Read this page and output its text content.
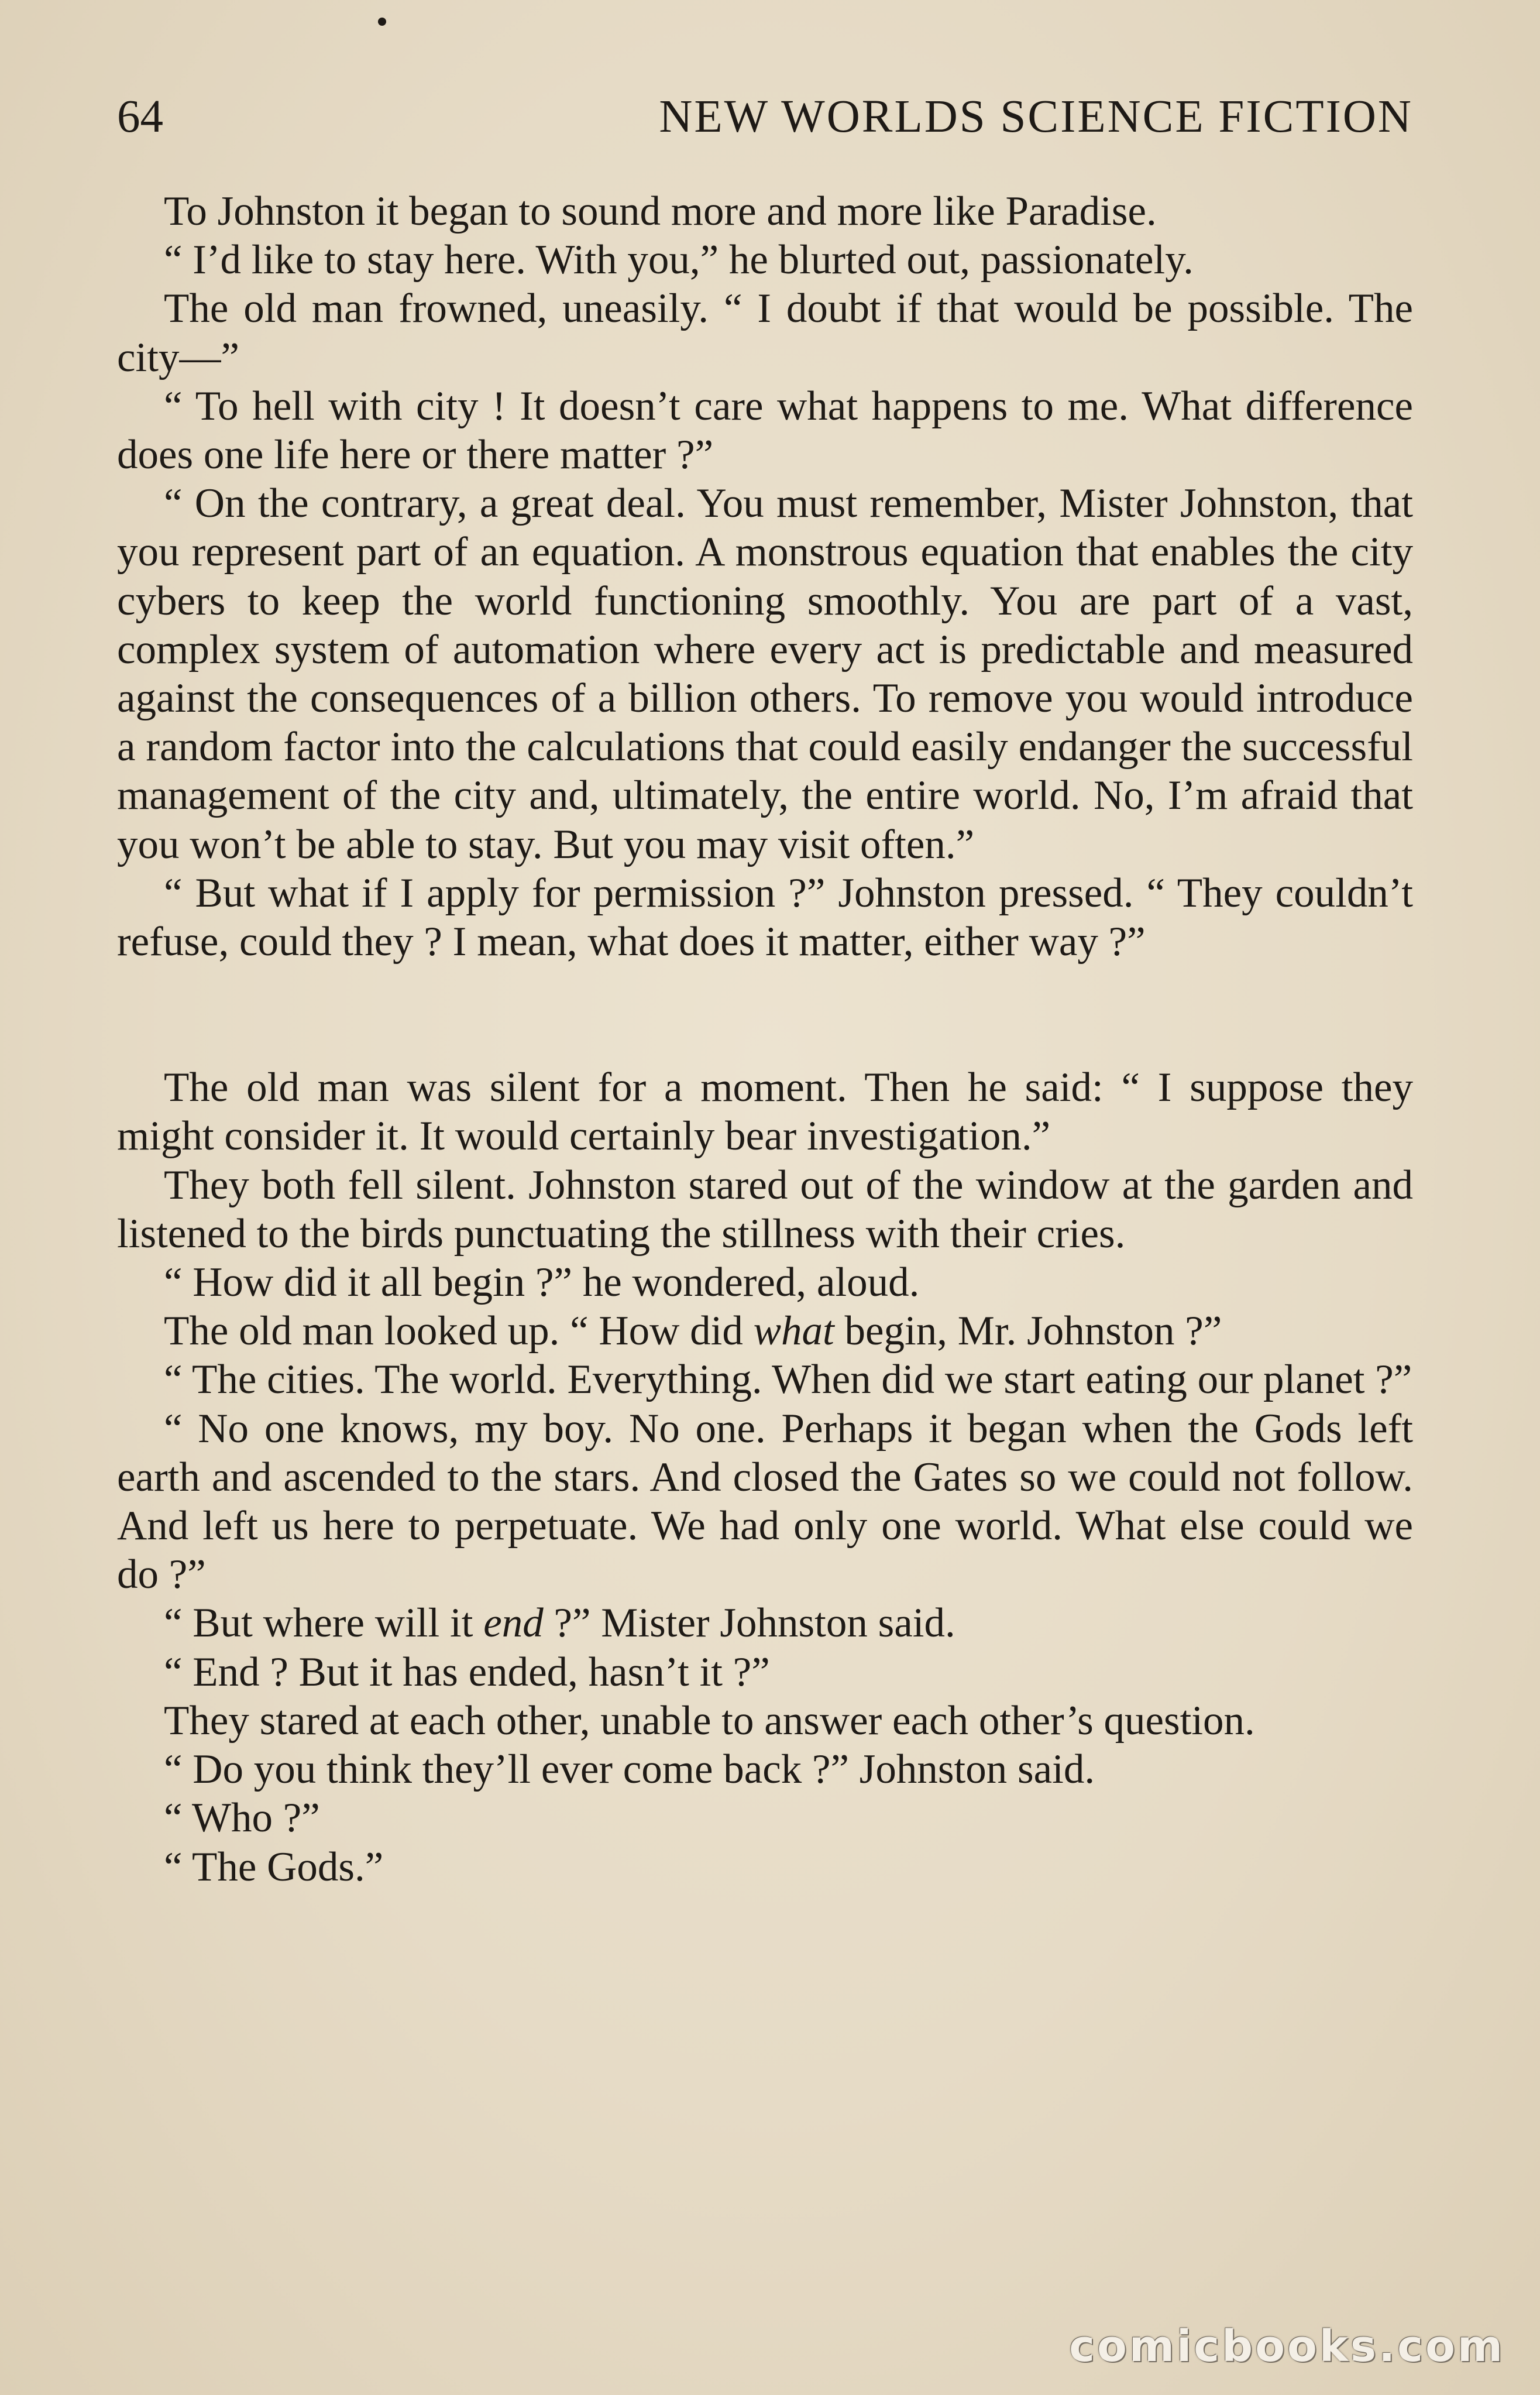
64	NEW WORLDS SCIENCE FICTION

To Johnston it began to sound more and more like Paradise.

“ I’d like to stay here. With you,” he blurted out, passionately.

The old man frowned, uneasily. “ I doubt if that would be possible. The city—”

“ To hell with city ! It doesn’t care what happens to me. What difference does one life here or there matter ?”

“ On the contrary, a great deal. You must remember, Mister Johnston, that you represent part of an equation. A monstrous equation that enables the city cybers to keep the world functioning smoothly. You are part of a vast, complex system of automation where every act is predictable and measured against the consequences of a billion others. To remove you would introduce a random factor into the calculations that could easily endanger the successful management of the city and, ultimately, the entire world. No, I’m afraid that you won’t be able to stay. But you may visit often.”

“ But what if I apply for permission ?” Johnston pressed. “ They couldn’t refuse, could they ? I mean, what does it matter, either way ?”

The old man was silent for a moment. Then he said: “ I suppose they might consider it. It would certainly bear investigation.”

They both fell silent. Johnston stared out of the window at the garden and listened to the birds punctuating the stillness with their cries.

“ How did it all begin ?” he wondered, aloud.

The old man looked up. “ How did what begin, Mr. Johnston ?”

“ The cities. The world. Everything. When did we start eating our planet ?”

“ No one knows, my boy. No one. Perhaps it began when the Gods left earth and ascended to the stars. And closed the Gates so we could not follow. And left us here to perpetuate. We had only one world. What else could we do ?”

“ But where will it end ?” Mister Johnston said.

“ End ? But it has ended, hasn’t it ?”

They stared at each other, unable to answer each other’s question.

“ Do you think they’ll ever come back ?” Johnston said.

“ Who ?”

“ The Gods.”

comicbooks.com
